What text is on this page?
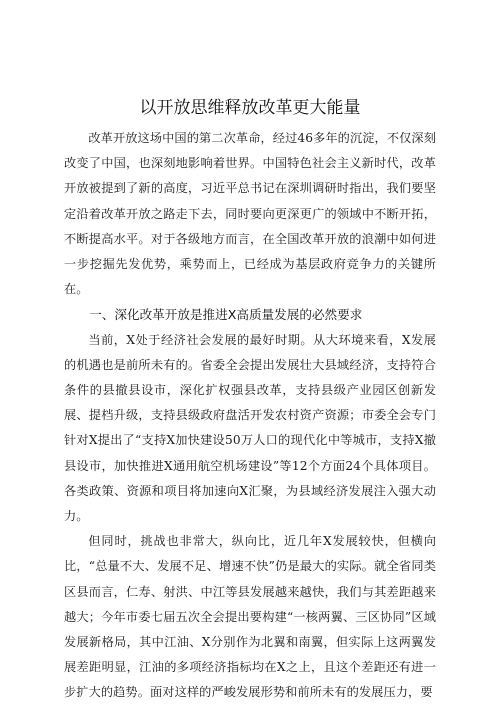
以开放思维释放改革更大能量

改革开放这场中国的第二次革命，经过46多年的沉淀，不仅深刻改变了中国，也深刻地影响着世界。中国特色社会主义新时代，改革开放被提到了新的高度，习近平总书记在深圳调研时指出，我们要坚定沿着改革开放之路走下去，同时要向更深更广的领域中不断开拓，不断提高水平。对于各级地方而言，在全国改革开放的浪潮中如何进一步挖掘先发优势，乘势而上，已经成为基层政府竞争力的关键所在。

一、深化改革开放是推进X高质量发展的必然要求

当前，X处于经济社会发展的最好时期。从大环境来看，X发展的机遇也是前所未有的。省委全会提出发展壮大县域经济，支持符合条件的县撤县设市，深化扩权强县改革，支持县级产业园区创新发展、提档升级，支持县级政府盘活开发农村资产资源；市委全会专门针对X提出了“支持X加快建设50万人口的现代化中等城市，支持X撤县设市，加快推进X通用航空机场建设”等12个方面24个具体项目。各类政策、资源和项目将加速向X汇聚，为县域经济发展注入强大动力。

但同时，挑战也非常大，纵向比，近几年X发展较快，但横向比，“总量不大、发展不足、增速不快”仍是最大的实际。就全省同类区县而言，仁寿、射洪、中江等县发展越来越快，我们与其差距越来越大；今年市委七届五次全会提出要构建“一核两翼、三区协同”区域发展新格局，其中江油、X分别作为北翼和南翼，但实际上这两翼发展差距明显，江油的多项经济指标均在X之上，且这个差距还有进一步扩大的趋势。面对这样的严峻发展形势和前所未有的发展压力，要
